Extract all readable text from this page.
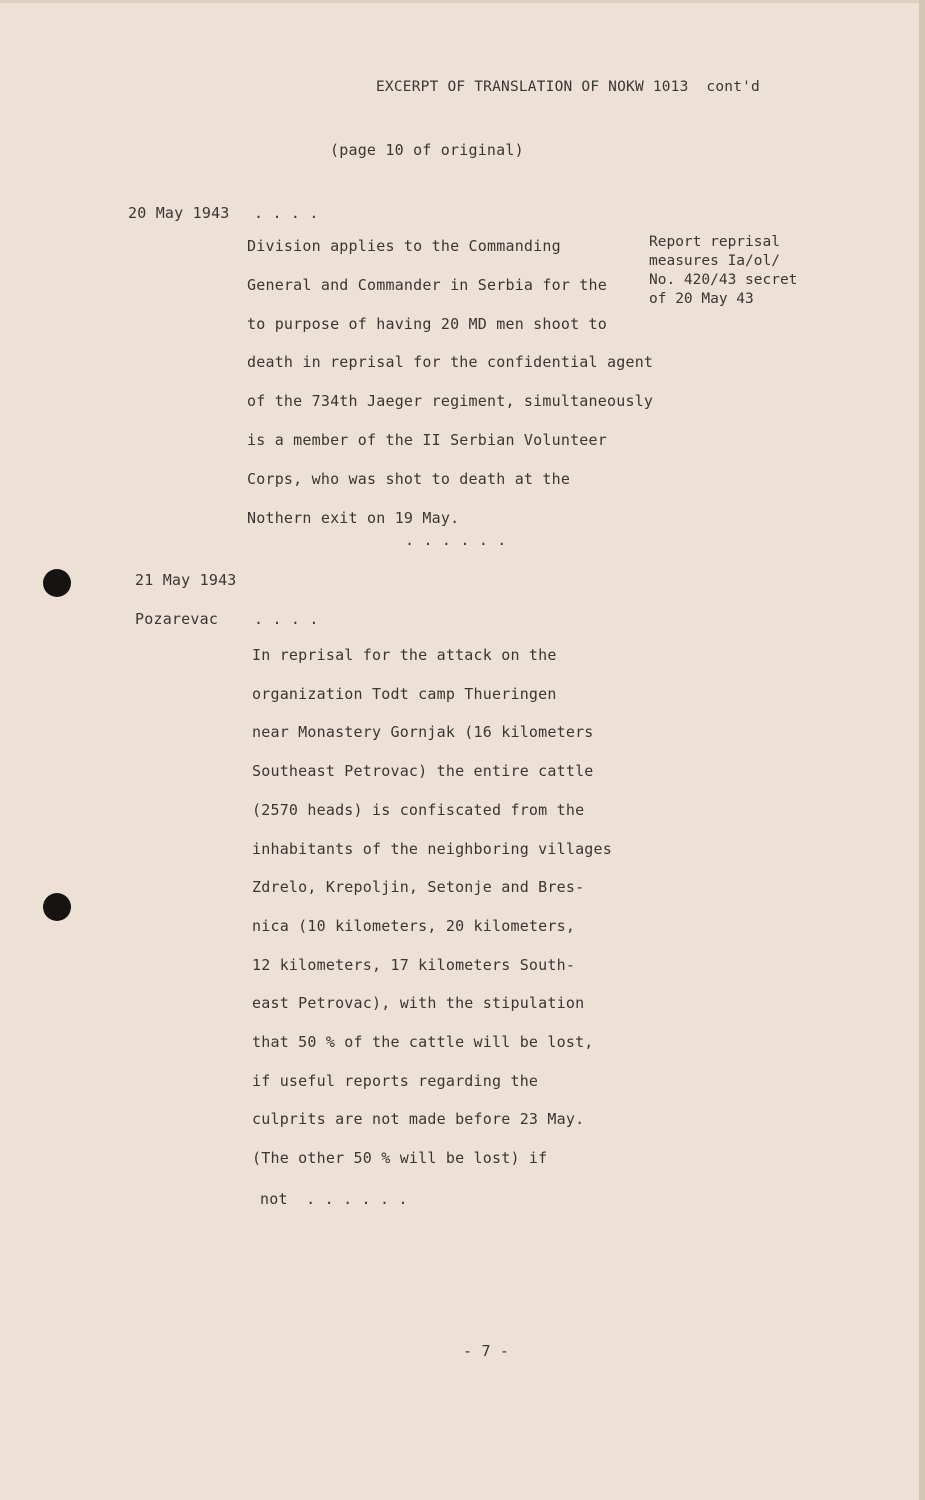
EXCERPT OF TRANSLATION OF NOKW 1013  cont'd
(page 10 of original)
20 May 1943 . . . .
Division applies to the Commanding
General and Commander in Serbia for the
to purpose of having 20 MD men shoot to
death in reprisal for the confidential agent
of the 734th Jaeger regiment, simultaneously
is a member of the II Serbian Volunteer
Corps, who was shot to death at the
Nothern exit on 19 May.
Report reprisal
measures Ia/ol/
No. 420/43 secret
of 20 May 43
. . . . . .
21 May 1943
Pozarevac . . . .
In reprisal for the attack on the
organization Todt camp Thueringen
near Monastery Gornjak (16 kilometers
Southeast Petrovac) the entire cattle
(2570 heads) is confiscated from the
inhabitants of the neighboring villages
Zdrelo, Krepoljin, Setonje and Bres-
nica (10 kilometers, 20 kilometers,
12 kilometers, 17 kilometers South-
east Petrovac), with the stipulation
that 50 % of the cattle will be lost,
if useful reports regarding the
culprits are not made before 23 May.
(The other 50 % will be lost) if
not  . . . . . .
- 7 -
